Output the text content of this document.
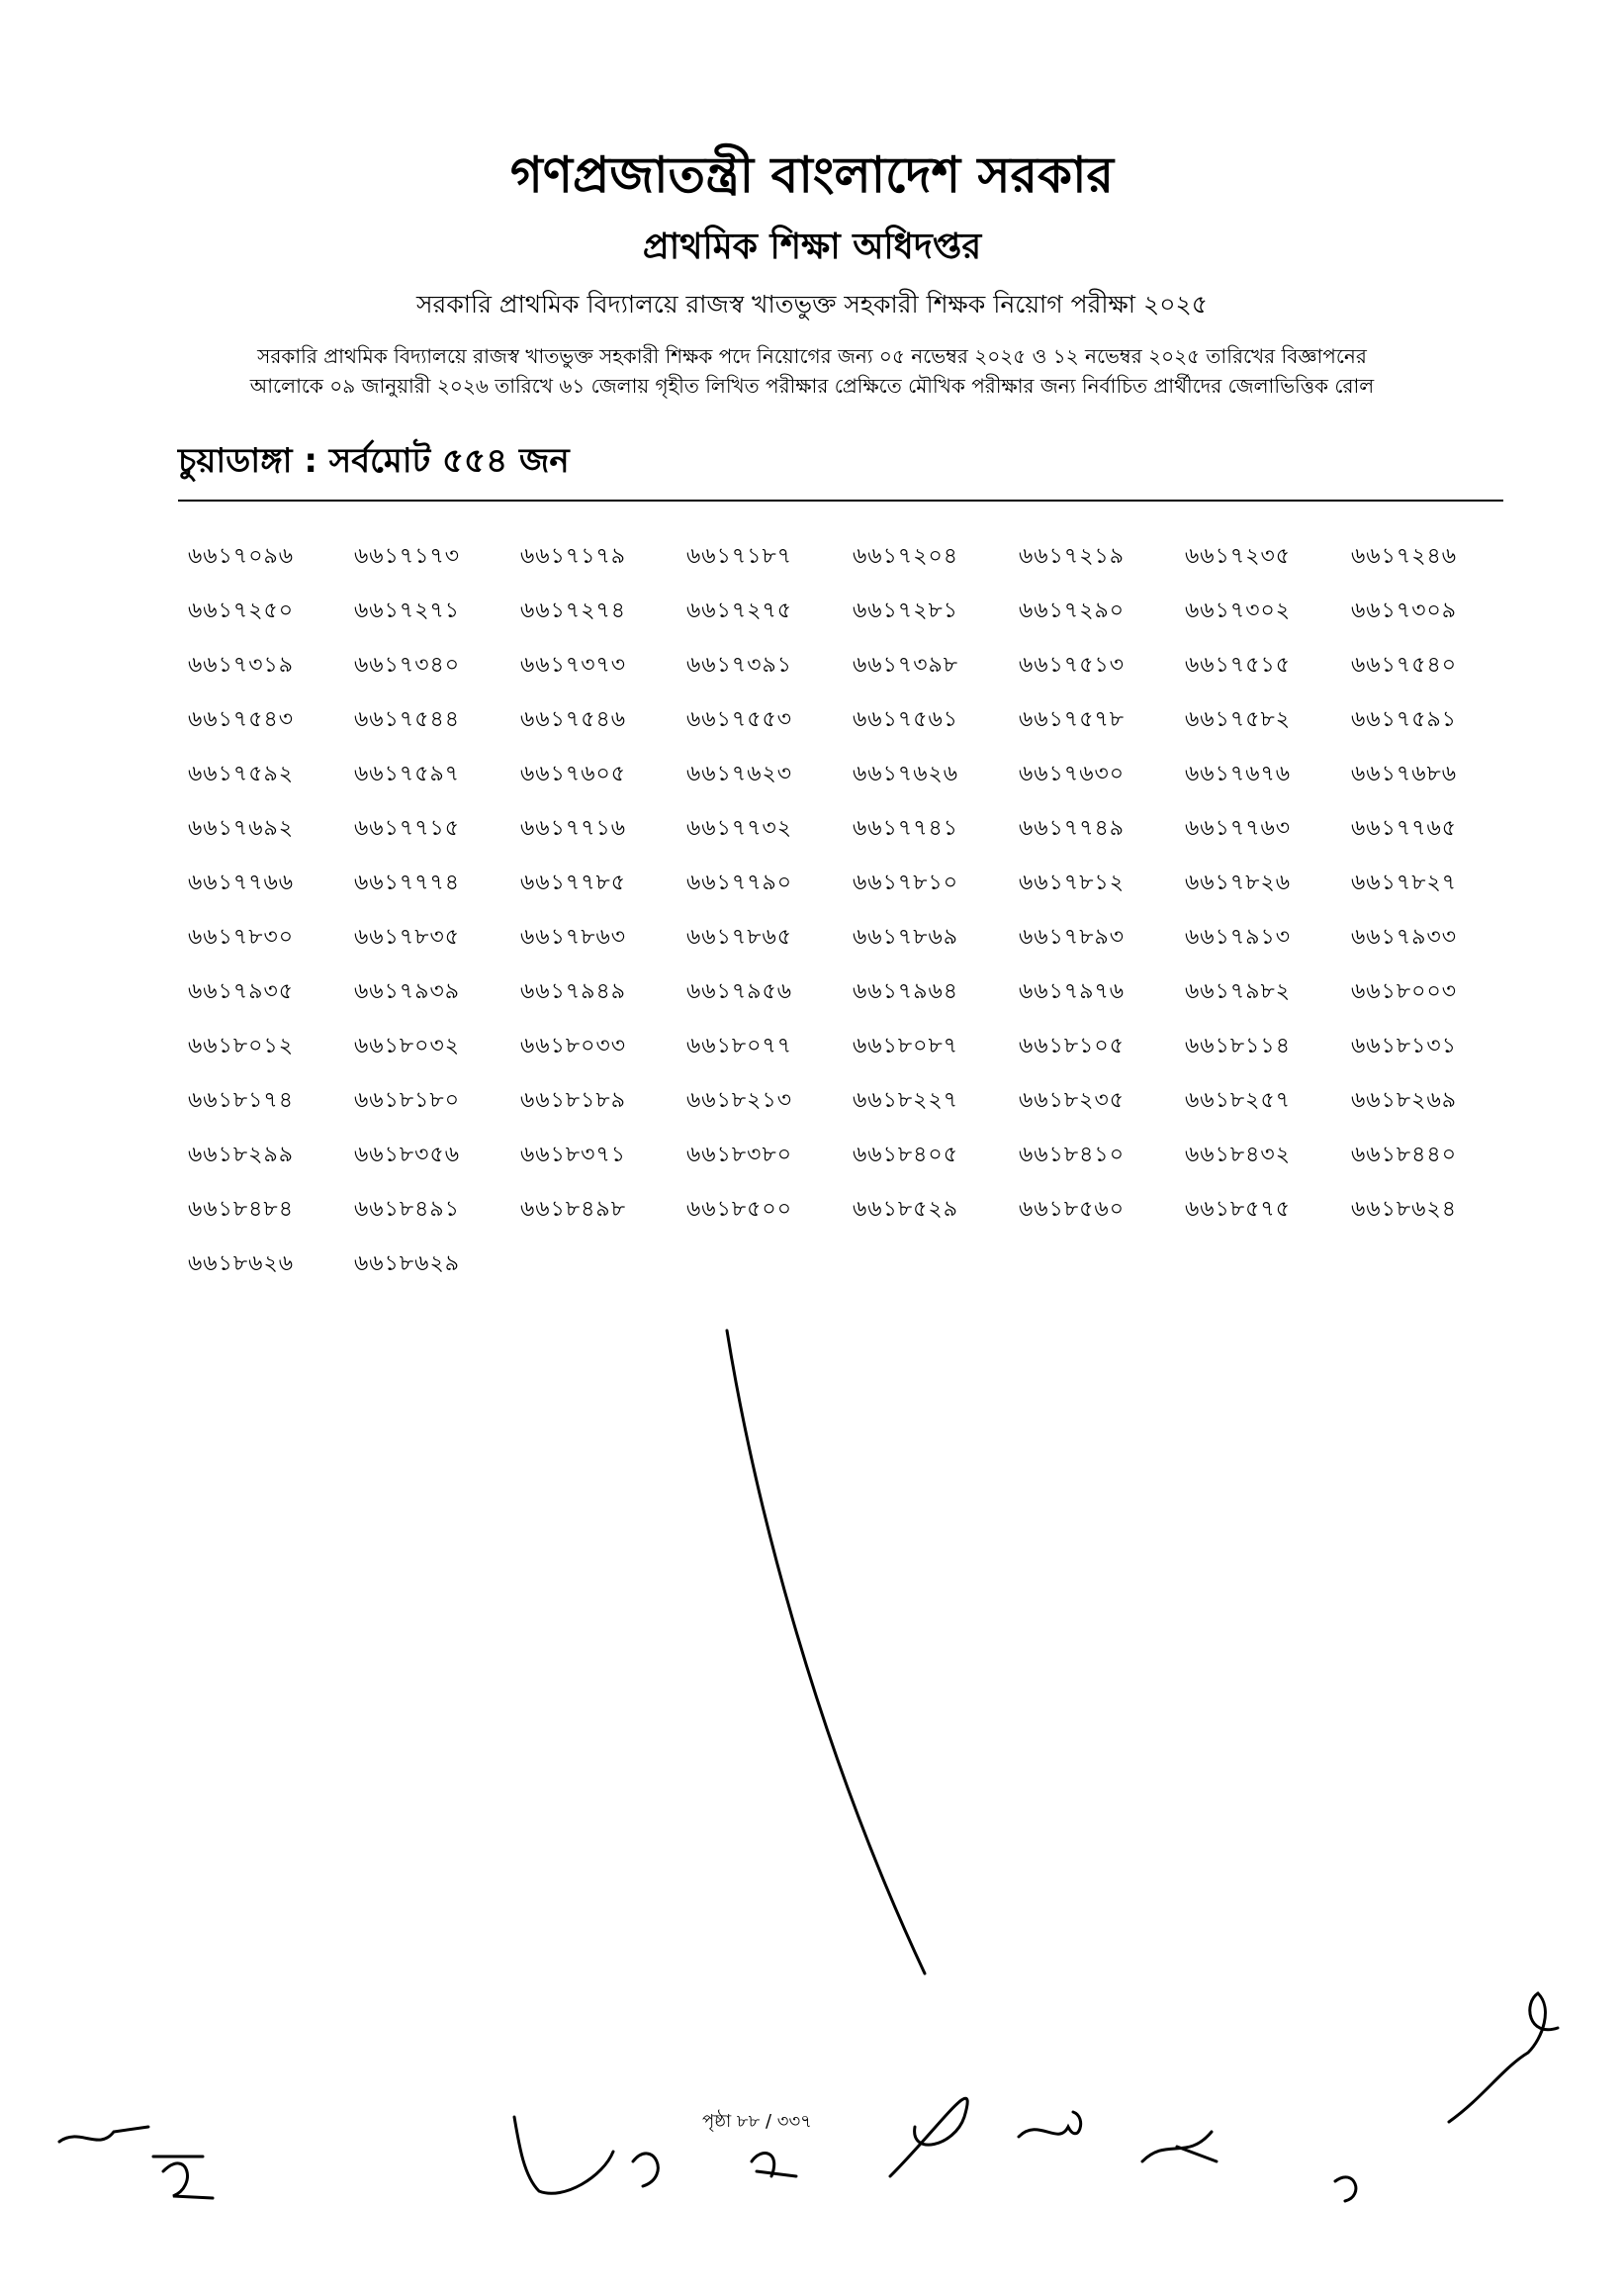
গণপ্রজাতন্ত্রী বাংলাদেশ সরকার
প্রাথমিক শিক্ষা অধিদপ্তর
সরকারি প্রাথমিক বিদ্যালয়ে রাজস্ব খাতভুক্ত সহকারী শিক্ষক নিয়োগ পরীক্ষা ২০২৫
সরকারি প্রাথমিক বিদ্যালয়ে রাজস্ব খাতভুক্ত সহকারী শিক্ষক পদে নিয়োগের জন্য ০৫ নভেম্বর ২০২৫ ও ১২ নভেম্বর ২০২৫ তারিখের বিজ্ঞাপনের
আলোকে ০৯ জানুয়ারী ২০২৬ তারিখে ৬১ জেলায় গৃহীত লিখিত পরীক্ষার প্রেক্ষিতে মৌখিক পরীক্ষার জন্য নির্বাচিত প্রার্থীদের জেলাভিত্তিক রোল
চুয়াডাঙ্গা : সর্বমোট ৫৫৪ জন
৬৬১৭০৯৬	৬৬১৭১৭৩	৬৬১৭১৭৯	৬৬১৭১৮৭	৬৬১৭২০৪	৬৬১৭২১৯	৬৬১৭২৩৫	৬৬১৭২৪৬
৬৬১৭২৫০	৬৬১৭২৭১	৬৬১৭২৭৪	৬৬১৭২৭৫	৬৬১৭২৮১	৬৬১৭২৯০	৬৬১৭৩০২	৬৬১৭৩০৯
৬৬১৭৩১৯	৬৬১৭৩৪০	৬৬১৭৩৭৩	৬৬১৭৩৯১	৬৬১৭৩৯৮	৬৬১৭৫১৩	৬৬১৭৫১৫	৬৬১৭৫৪০
৬৬১৭৫৪৩	৬৬১৭৫৪৪	৬৬১৭৫৪৬	৬৬১৭৫৫৩	৬৬১৭৫৬১	৬৬১৭৫৭৮	৬৬১৭৫৮২	৬৬১৭৫৯১
৬৬১৭৫৯২	৬৬১৭৫৯৭	৬৬১৭৬০৫	৬৬১৭৬২৩	৬৬১৭৬২৬	৬৬১৭৬৩০	৬৬১৭৬৭৬	৬৬১৭৬৮৬
৬৬১৭৬৯২	৬৬১৭৭১৫	৬৬১৭৭১৬	৬৬১৭৭৩২	৬৬১৭৭৪১	৬৬১৭৭৪৯	৬৬১৭৭৬৩	৬৬১৭৭৬৫
৬৬১৭৭৬৬	৬৬১৭৭৭৪	৬৬১৭৭৮৫	৬৬১৭৭৯০	৬৬১৭৮১০	৬৬১৭৮১২	৬৬১৭৮২৬	৬৬১৭৮২৭
৬৬১৭৮৩০	৬৬১৭৮৩৫	৬৬১৭৮৬৩	৬৬১৭৮৬৫	৬৬১৭৮৬৯	৬৬১৭৮৯৩	৬৬১৭৯১৩	৬৬১৭৯৩৩
৬৬১৭৯৩৫	৬৬১৭৯৩৯	৬৬১৭৯৪৯	৬৬১৭৯৫৬	৬৬১৭৯৬৪	৬৬১৭৯৭৬	৬৬১৭৯৮২	৬৬১৮০০৩
৬৬১৮০১২	৬৬১৮০৩২	৬৬১৮০৩৩	৬৬১৮০৭৭	৬৬১৮০৮৭	৬৬১৮১০৫	৬৬১৮১১৪	৬৬১৮১৩১
৬৬১৮১৭৪	৬৬১৮১৮০	৬৬১৮১৮৯	৬৬১৮২১৩	৬৬১৮২২৭	৬৬১৮২৩৫	৬৬১৮২৫৭	৬৬১৮২৬৯
৬৬১৮২৯৯	৬৬১৮৩৫৬	৬৬১৮৩৭১	৬৬১৮৩৮০	৬৬১৮৪০৫	৬৬১৮৪১০	৬৬১৮৪৩২	৬৬১৮৪৪০
৬৬১৮৪৮৪	৬৬১৮৪৯১	৬৬১৮৪৯৮	৬৬১৮৫০০	৬৬১৮৫২৯	৬৬১৮৫৬০	৬৬১৮৫৭৫	৬৬১৮৬২৪
৬৬১৮৬২৬	৬৬১৮৬২৯
পৃষ্ঠা ৮৮ / ৩৩৭
